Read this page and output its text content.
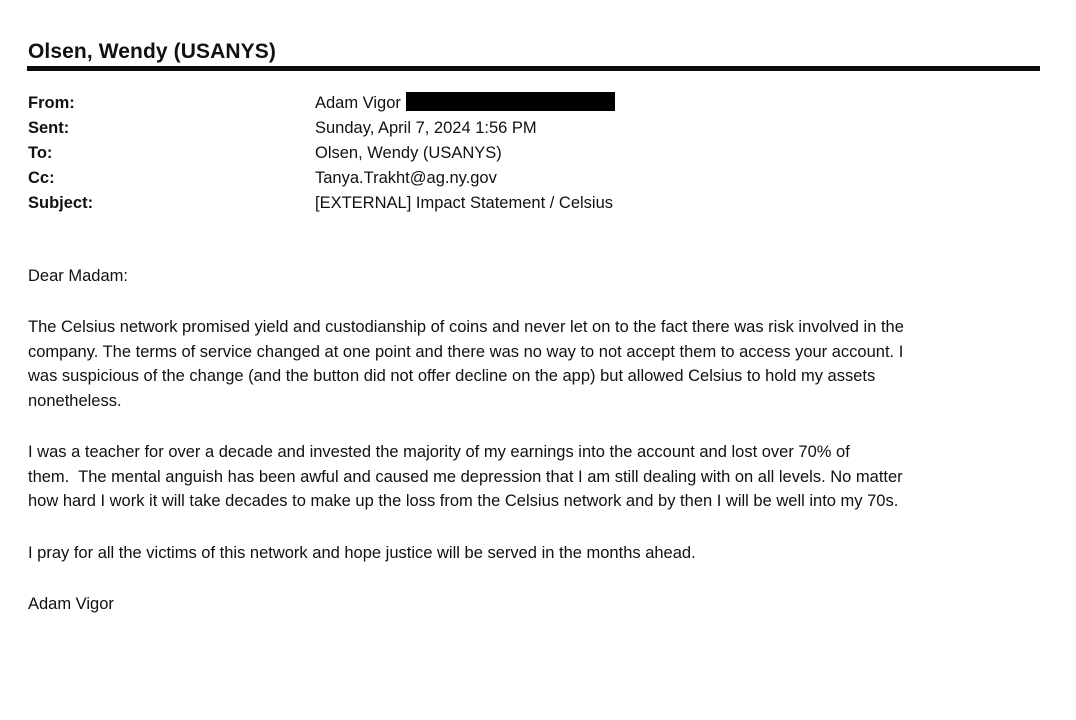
Olsen, Wendy (USANYS)
From:	Adam Vigor
Sent:	Sunday, April 7, 2024 1:56 PM
To:	Olsen, Wendy (USANYS)
Cc:	Tanya.Trakht@ag.ny.gov
Subject:	[EXTERNAL] Impact Statement / Celsius

Dear Madam:

The Celsius network promised yield and custodianship of coins and never let on to the fact there was risk involved in the
company. The terms of service changed at one point and there was no way to not accept them to access your account. I
was suspicious of the change (and the button did not offer decline on the app) but allowed Celsius to hold my assets
nonetheless.
I was a teacher for over a decade and invested the majority of my earnings into the account and lost over 70% of
them.  The mental anguish has been awful and caused me depression that I am still dealing with on all levels. No matter
how hard I work it will take decades to make up the loss from the Celsius network and by then I will be well into my 70s.

I pray for all the victims of this network and hope justice will be served in the months ahead.

Adam Vigor
